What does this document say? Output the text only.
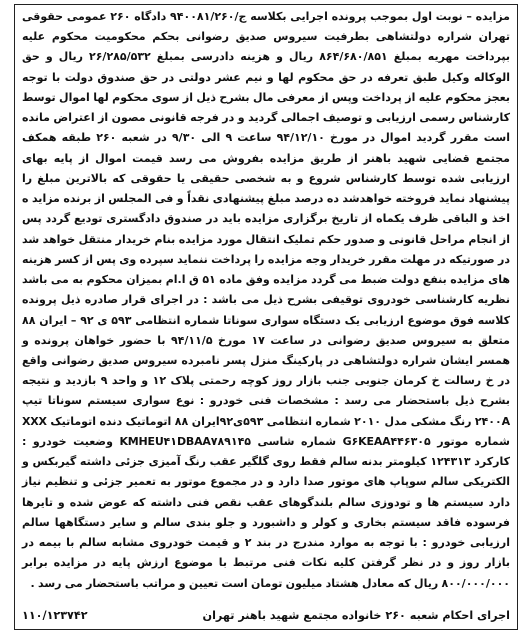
مزایده – نوبت اول بموجب پرونده اجرایی بکلاسه ج/۹۴۰۰۸۱/۲۶۰ دادگاه ۲۶۰ عمومی حقوقی تهران شراره دولتشاهی بطرفیت سیروس صدیق رضوانی بحکم محکومیت محکوم علیه بپرداخت مهریه بمبلغ ۸۶۴/۶۸۰/۸۵۱ ریال و هزینه دادرسی بمبلغ ۲۶/۲۸۵/۵۳۲ ریال و حق الوکاله وکیل طبق تعرفه در حق محکوم لها و نیم عشر دولتی در حق صندوق دولت با توجه بعجز محکوم علیه از پرداخت وپس از معرفی مال بشرح ذیل از سوی محکوم لها اموال توسط کارشناس رسمی ارزیابی و توصیف اجمالی گردید و در فرجه قانونی مصون از اعتراض مانده است مقرر گردید اموال در مورخ ۹۴/۱۲/۱۰ ساعت ۹ الی ۹/۳۰ در شعبه ۲۶۰ طبقه همکف مجتمع قضایی شهید باهنر از طریق مزایده بفروش می رسد قیمت اموال از پایه بهای ارزیابی شده توسط کارشناس شروع و به شخصی حقیقی یا حقوقی که بالاترین مبلغ را پیشنهاد نماید فروخته خواهدشد ده درصد مبلغ پیشنهادی نقداً و فی المجلس از برنده مزاید ه اخذ و الباقی ظرف یکماه از تاریخ برگزاری مزایده باید در صندوق دادگستری تودیع گردد پس از انجام مراحل قانونی و صدور حکم تملیک انتقال مورد مزایده بنام خریدار منتقل خواهد شد در صورتیکه در مهلت مقرر خریدار وجه مزایده را پرداخت ننماید سپرده وی پس از کسر هزینه های مزایده بنفع دولت ضبط می گردد مزایده وفق ماده ۵۱ ق ا.ام بمیزان محکوم به می باشد نظریه کارشناسی خودروی توقیفی بشرح ذیل می باشد : در اجرای قرار صادره ذیل پرونده کلاسه فوق موضوع ارزیابی یک دستگاه سواری سوناتا شماره انتظامی ۵۹۳ ی ۹۲ – ایران ۸۸ متعلق به سیروس صدیق رضوانی در ساعت ۱۷ مورخ ۹۴/۱۱/۵ با حضور خواهان پرونده و همسر ایشان شراره دولتشاهی در پارکینگ منزل پسر نامبرده سیروس صدیق رضوانی واقع در خ رسالت خ کرمان جنوبی جنب بازار روز کوچه رحمتی پلاک ۱۲ و واحد ۹ بازدید و نتیجه بشرح ذیل باستحضار می رسد : مشخصات فنی خودرو : نوع سواری سیستم سوناتا تیپ ۲۴۰۰A رنگ مشکی مدل ۲۰۱۰ شماره انتظامی ۵۹۳ی۹۲ایران ۸۸ اتوماتیک دنده اتوماتیک XXX شماره موتور G۶KEAA۴۴۶۳۰۵ شماره شاسی KMHEU۴۱DBAA۷۸۹۱۴۵ وضعیت خودرو : کارکرد ۱۲۴۳۱۳ کیلومتر بدنه سالم فقط روی گلگیر عقب رنگ آمیزی جزئی داشته گیربکس و الکتریکی سالم سوپاپ های موتور صدا دارد و در مجموع موتور به تعمیر جزئی و تنظیم نیاز دارد سیستم ها و تودوزی سالم بلندگوهای عقب نقص فنی داشته که عوض شده و تایرها فرسوده فاقد سیستم بخاری و کولر و داشبورد و جلو بندی سالم و سایر دستگاهها سالم ارزیابی خودرو : با توجه به موارد مندرج در بند ۲ و قیمت خودروی مشابه سالم با بیمه در بازار روز و در نظر گرفتن کلیه نکات فنی مرتبط با موضوع ارزش پایه در مزایده برابر ۸۰۰/۰۰۰/۰۰۰ ریال که معادل هشتاد میلیون تومان است تعیین و مراتب باستحضار می رسد .

اجرای احکام شعبه ۲۶۰ خانواده مجتمع شهید باهنر تهران
۱۱۰/۱۲۳۷۴۲
